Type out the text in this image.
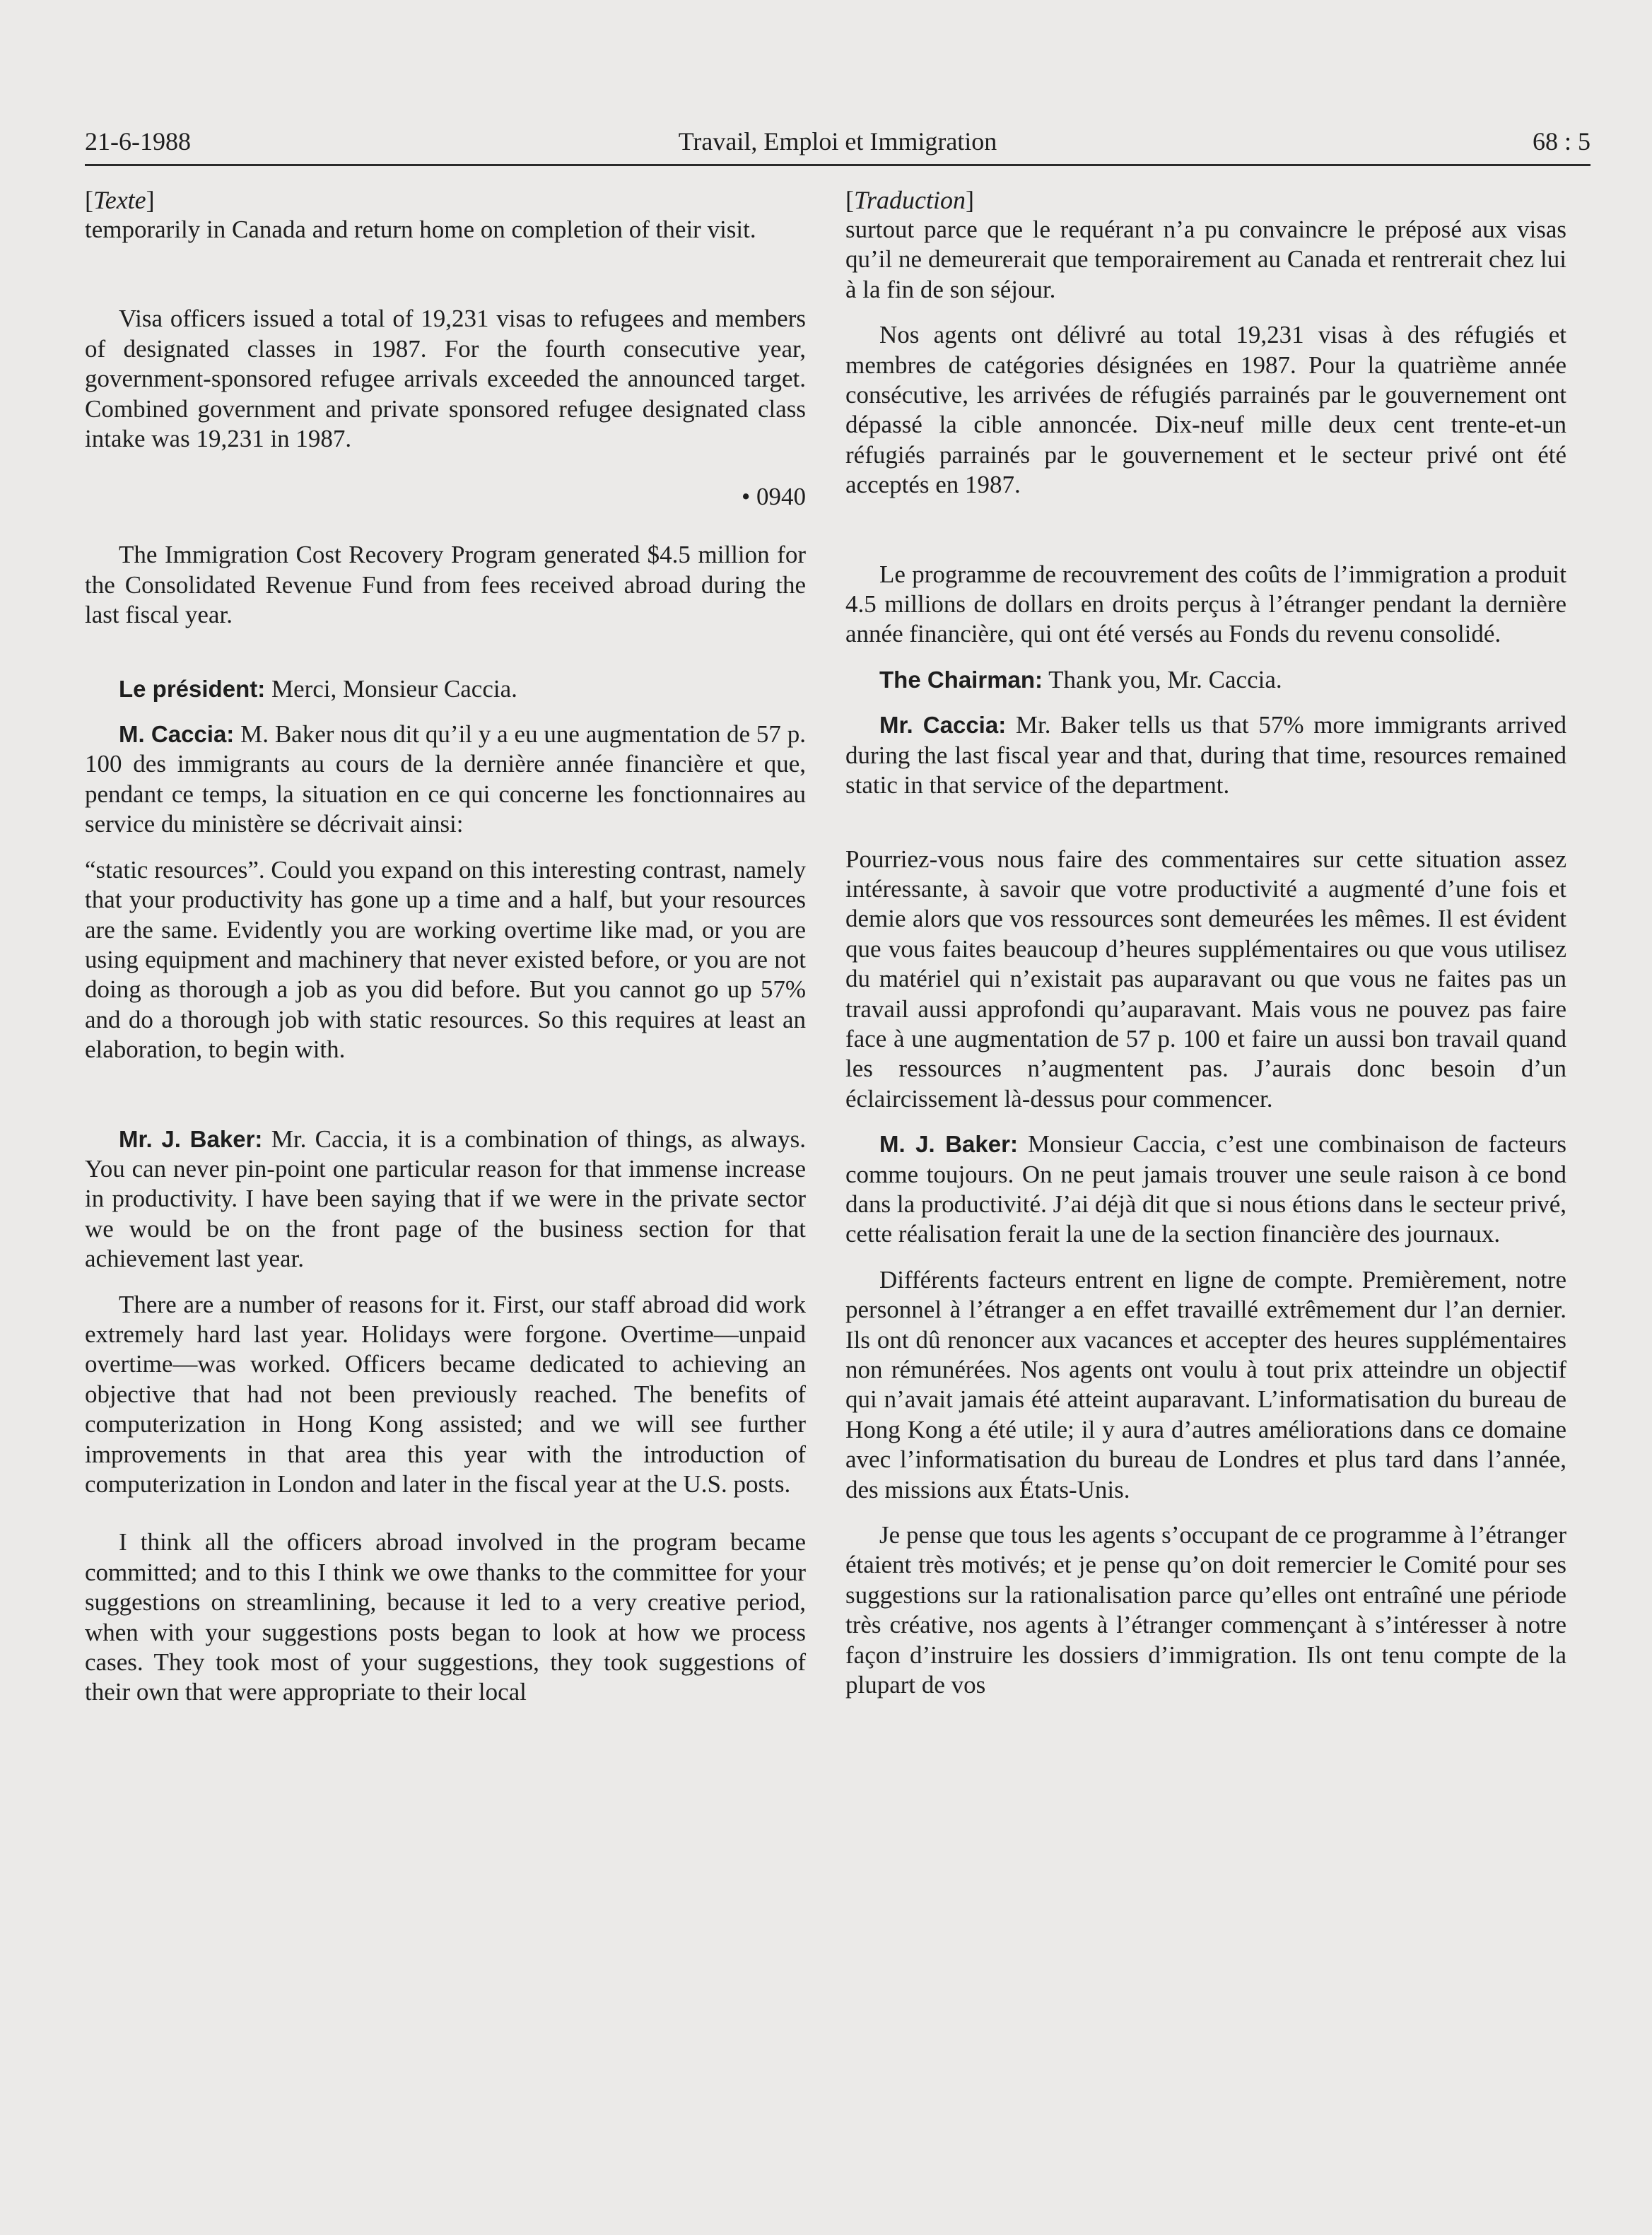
21-6-1988	Travail, Emploi et Immigration	68 : 5

[ Texte ]

temporarily in Canada and return home on completion of their visit.

Visa officers issued a total of 19,231 visas to refugees and members of designated classes in 1987. For the fourth consecutive year, government-sponsored refugee arrivals exceeded the announced target. Combined government and private sponsored refugee designated class intake was 19,231 in 1987.

• 0940

The Immigration Cost Recovery Program generated $4.5 million for the Consolidated Revenue Fund from fees received abroad during the last fiscal year.

Le président: Merci, Monsieur Caccia.

M. Caccia: M. Baker nous dit qu’il y a eu une augmentation de 57 p. 100 des immigrants au cours de la dernière année financière et que, pendant ce temps, la situation en ce qui concerne les fonctionnaires au service du ministère se décrivait ainsi:

“static resources”. Could you expand on this interesting contrast, namely that your productivity has gone up a time and a half, but your resources are the same. Evidently you are working overtime like mad, or you are using equipment and machinery that never existed before, or you are not doing as thorough a job as you did before. But you cannot go up 57% and do a thorough job with static resources. So this requires at least an elaboration, to begin with.

Mr. J. Baker: Mr. Caccia, it is a combination of things, as always. You can never pin-point one particular reason for that immense increase in productivity. I have been saying that if we were in the private sector we would be on the front page of the business section for that achievement last year.

There are a number of reasons for it. First, our staff abroad did work extremely hard last year. Holidays were forgone. Overtime—unpaid overtime—was worked. Officers became dedicated to achieving an objective that had not been previously reached. The benefits of computerization in Hong Kong assisted; and we will see further improvements in that area this year with the introduction of computerization in London and later in the fiscal year at the U.S. posts.

I think all the officers abroad involved in the program became committed; and to this I think we owe thanks to the committee for your suggestions on streamlining, because it led to a very creative period, when with your suggestions posts began to look at how we process cases. They took most of your suggestions, they took suggestions of their own that were appropriate to their local

[ Traduction ]

surtout parce que le requérant n’a pu convaincre le préposé aux visas qu’il ne demeurerait que temporairement au Canada et rentrerait chez lui à la fin de son séjour.

Nos agents ont délivré au total 19,231 visas à des réfugiés et membres de catégories désignées en 1987. Pour la quatrième année consécutive, les arrivées de réfugiés parrainés par le gouvernement ont dépassé la cible annoncée. Dix-neuf mille deux cent trente-et-un réfugiés parrainés par le gouvernement et le secteur privé ont été acceptés en 1987.

Le programme de recouvrement des coûts de l’immigration a produit 4.5 millions de dollars en droits perçus à l’étranger pendant la dernière année financière, qui ont été versés au Fonds du revenu consolidé.

The Chairman: Thank you, Mr. Caccia.

Mr. Caccia: Mr. Baker tells us that 57% more immigrants arrived during the last fiscal year and that, during that time, resources remained static in that service of the department.

Pourriez-vous nous faire des commentaires sur cette situation assez intéressante, à savoir que votre productivité a augmenté d’une fois et demie alors que vos ressources sont demeurées les mêmes. Il est évident que vous faites beaucoup d’heures supplémentaires ou que vous utilisez du matériel qui n’existait pas auparavant ou que vous ne faites pas un travail aussi approfondi qu’auparavant. Mais vous ne pouvez pas faire face à une augmentation de 57 p. 100 et faire un aussi bon travail quand les ressources n’augmentent pas. J’aurais donc besoin d’un éclaircissement là-dessus pour commencer.

M. J. Baker: Monsieur Caccia, c’est une combinaison de facteurs comme toujours. On ne peut jamais trouver une seule raison à ce bond dans la productivité. J’ai déjà dit que si nous étions dans le secteur privé, cette réalisation ferait la une de la section financière des journaux.

Différents facteurs entrent en ligne de compte. Premièrement, notre personnel à l’étranger a en effet travaillé extrêmement dur l’an dernier. Ils ont dû renoncer aux vacances et accepter des heures supplémentaires non rémunérées. Nos agents ont voulu à tout prix atteindre un objectif qui n’avait jamais été atteint auparavant. L’informatisation du bureau de Hong Kong a été utile; il y aura d’autres améliorations dans ce domaine avec l’informatisation du bureau de Londres et plus tard dans l’année, des missions aux États-Unis.

Je pense que tous les agents s’occupant de ce programme à l’étranger étaient très motivés; et je pense qu’on doit remercier le Comité pour ses suggestions sur la rationalisation parce qu’elles ont entraîné une période très créative, nos agents à l’étranger commençant à s’intéresser à notre façon d’instruire les dossiers d’immigration. Ils ont tenu compte de la plupart de vos
